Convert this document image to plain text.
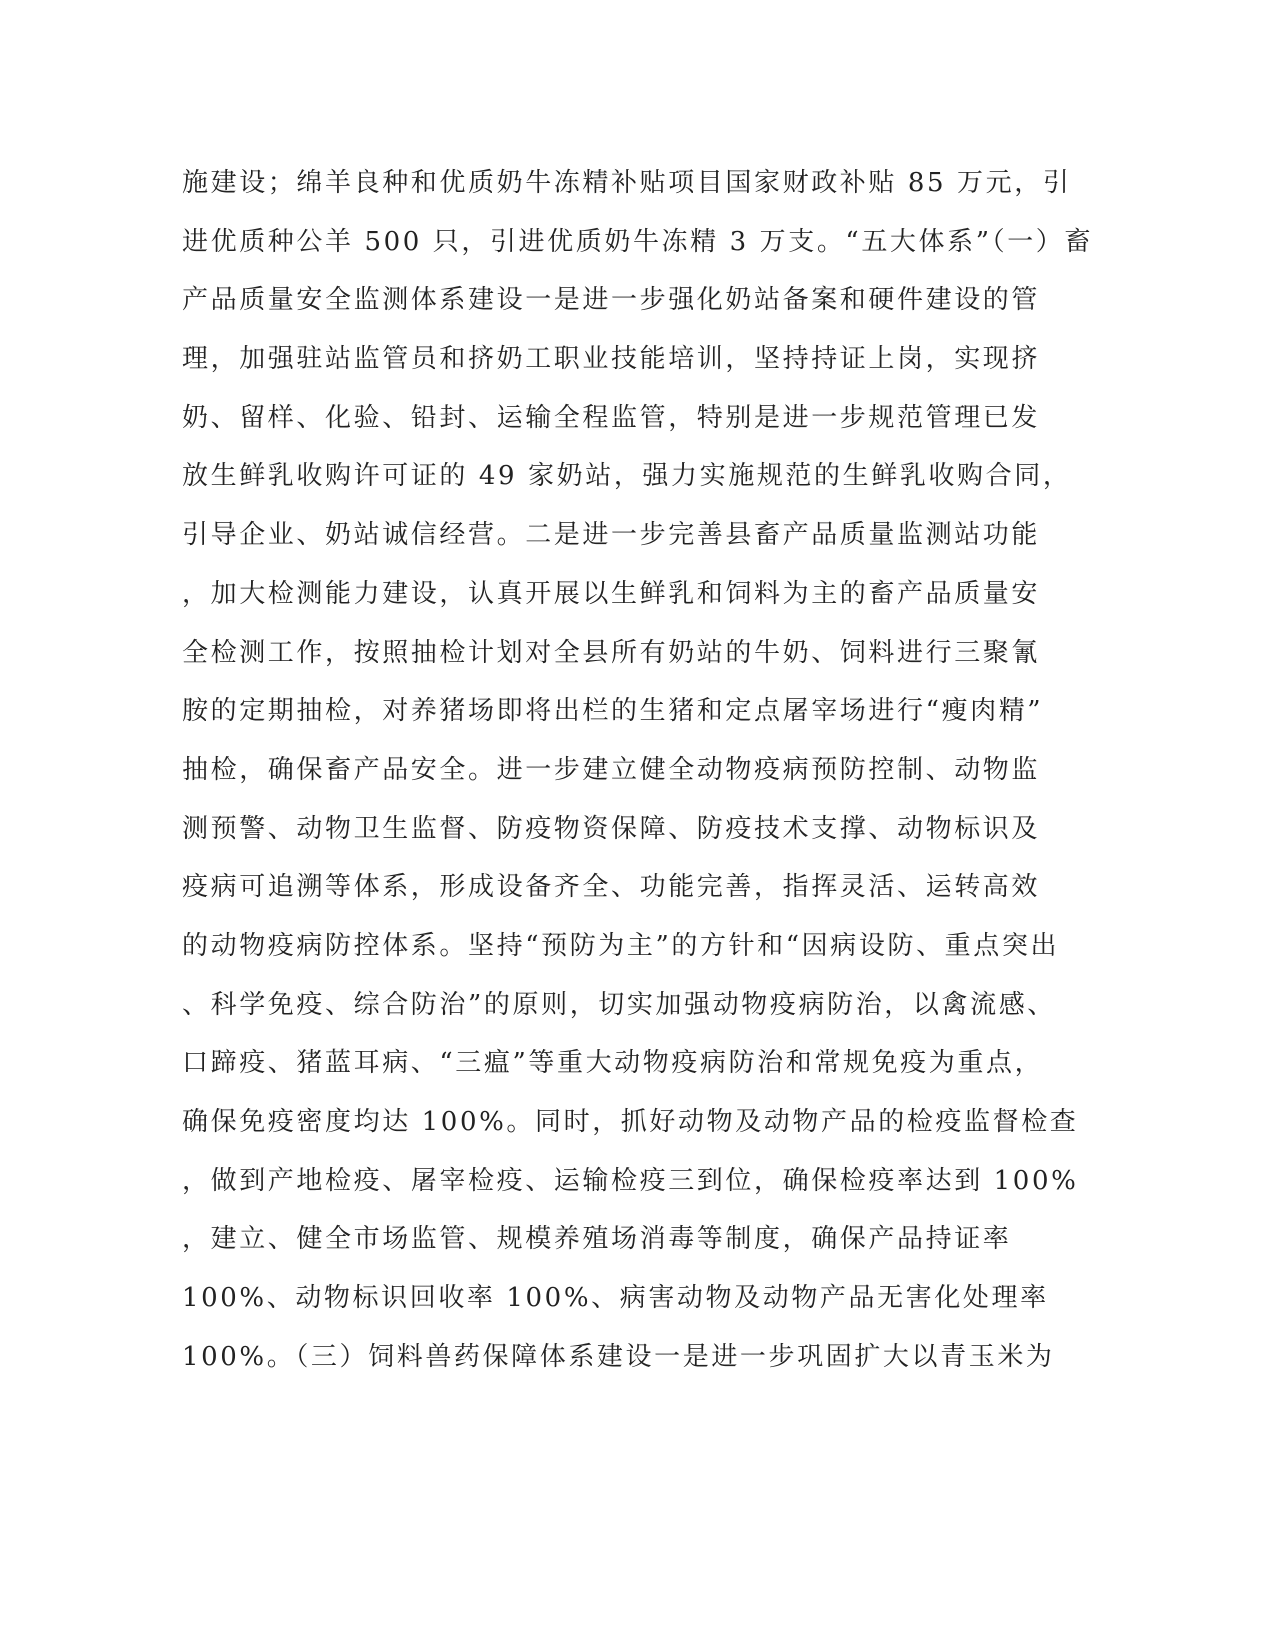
施建设；绵羊良种和优质奶牛冻精补贴项目国家财政补贴 85 万元，引
进优质种公羊 500 只，引进优质奶牛冻精 3 万支。“五大体系”（一）畜
产品质量安全监测体系建设一是进一步强化奶站备案和硬件建设的管
理，加强驻站监管员和挤奶工职业技能培训，坚持持证上岗，实现挤
奶、留样、化验、铅封、运输全程监管，特别是进一步规范管理已发
放生鲜乳收购许可证的 49 家奶站，强力实施规范的生鲜乳收购合同，
引导企业、奶站诚信经营。二是进一步完善县畜产品质量监测站功能
，加大检测能力建设，认真开展以生鲜乳和饲料为主的畜产品质量安
全检测工作，按照抽检计划对全县所有奶站的牛奶、饲料进行三聚氰
胺的定期抽检，对养猪场即将出栏的生猪和定点屠宰场进行“瘦肉精”
抽检，确保畜产品安全。进一步建立健全动物疫病预防控制、动物监
测预警、动物卫生监督、防疫物资保障、防疫技术支撑、动物标识及
疫病可追溯等体系，形成设备齐全、功能完善，指挥灵活、运转高效
的动物疫病防控体系。坚持“预防为主”的方针和“因病设防、重点突出
、科学免疫、综合防治”的原则，切实加强动物疫病防治，以禽流感、
口蹄疫、猪蓝耳病、“三瘟”等重大动物疫病防治和常规免疫为重点，
确保免疫密度均达 100%。同时，抓好动物及动物产品的检疫监督检查
，做到产地检疫、屠宰检疫、运输检疫三到位，确保检疫率达到 100%
，建立、健全市场监管、规模养殖场消毒等制度，确保产品持证率
100%、动物标识回收率 100%、病害动物及动物产品无害化处理率
100%。（三）饲料兽药保障体系建设一是进一步巩固扩大以青玉米为
